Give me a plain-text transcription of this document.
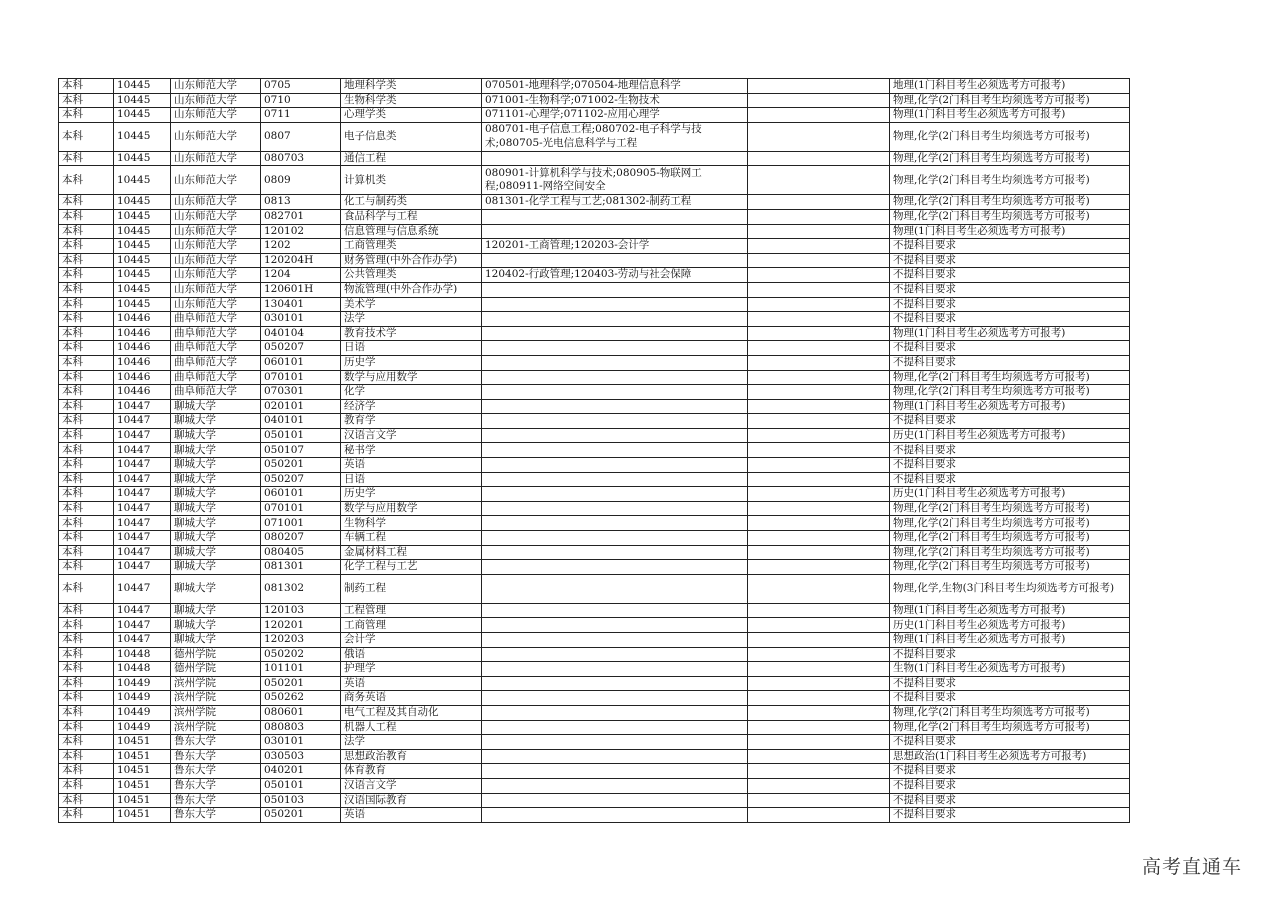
本科	10445	山东师范大学	0705	地理科学类	070501-地理科学;070504-地理信息科学		地理(1门科目考生必须选考方可报考)
本科	10445	山东师范大学	0710	生物科学类	071001-生物科学;071002-生物技术		物理,化学(2门科目考生均须选考方可报考)
本科	10445	山东师范大学	0711	心理学类	071101-心理学;071102-应用心理学		物理(1门科目考生必须选考方可报考)
本科	10445	山东师范大学	0807	电子信息类	080701-电子信息工程;080702-电子科学与技术;080705-光电信息科学与工程		物理,化学(2门科目考生均须选考方可报考)
本科	10445	山东师范大学	080703	通信工程			物理,化学(2门科目考生均须选考方可报考)
本科	10445	山东师范大学	0809	计算机类	080901-计算机科学与技术;080905-物联网工程;080911-网络空间安全		物理,化学(2门科目考生均须选考方可报考)
本科	10445	山东师范大学	0813	化工与制药类	081301-化学工程与工艺;081302-制药工程		物理,化学(2门科目考生均须选考方可报考)
本科	10445	山东师范大学	082701	食品科学与工程			物理,化学(2门科目考生均须选考方可报考)
本科	10445	山东师范大学	120102	信息管理与信息系统			物理(1门科目考生必须选考方可报考)
本科	10445	山东师范大学	1202	工商管理类	120201-工商管理;120203-会计学		不提科目要求
本科	10445	山东师范大学	120204H	财务管理(中外合作办学)			不提科目要求
本科	10445	山东师范大学	1204	公共管理类	120402-行政管理;120403-劳动与社会保障		不提科目要求
本科	10445	山东师范大学	120601H	物流管理(中外合作办学)			不提科目要求
本科	10445	山东师范大学	130401	美术学			不提科目要求
本科	10446	曲阜师范大学	030101	法学			不提科目要求
本科	10446	曲阜师范大学	040104	教育技术学			物理(1门科目考生必须选考方可报考)
本科	10446	曲阜师范大学	050207	日语			不提科目要求
本科	10446	曲阜师范大学	060101	历史学			不提科目要求
本科	10446	曲阜师范大学	070101	数学与应用数学			物理,化学(2门科目考生均须选考方可报考)
本科	10446	曲阜师范大学	070301	化学			物理,化学(2门科目考生均须选考方可报考)
本科	10447	聊城大学	020101	经济学			物理(1门科目考生必须选考方可报考)
本科	10447	聊城大学	040101	教育学			不提科目要求
本科	10447	聊城大学	050101	汉语言文学			历史(1门科目考生必须选考方可报考)
本科	10447	聊城大学	050107	秘书学			不提科目要求
本科	10447	聊城大学	050201	英语			不提科目要求
本科	10447	聊城大学	050207	日语			不提科目要求
本科	10447	聊城大学	060101	历史学			历史(1门科目考生必须选考方可报考)
本科	10447	聊城大学	070101	数学与应用数学			物理,化学(2门科目考生均须选考方可报考)
本科	10447	聊城大学	071001	生物科学			物理,化学(2门科目考生均须选考方可报考)
本科	10447	聊城大学	080207	车辆工程			物理,化学(2门科目考生均须选考方可报考)
本科	10447	聊城大学	080405	金属材料工程			物理,化学(2门科目考生均须选考方可报考)
本科	10447	聊城大学	081301	化学工程与工艺			物理,化学(2门科目考生均须选考方可报考)
本科	10447	聊城大学	081302	制药工程			物理,化学,生物(3门科目考生均须选考方可报考)
本科	10447	聊城大学	120103	工程管理			物理(1门科目考生必须选考方可报考)
本科	10447	聊城大学	120201	工商管理			历史(1门科目考生必须选考方可报考)
本科	10447	聊城大学	120203	会计学			物理(1门科目考生必须选考方可报考)
本科	10448	德州学院	050202	俄语			不提科目要求
本科	10448	德州学院	101101	护理学			生物(1门科目考生必须选考方可报考)
本科	10449	滨州学院	050201	英语			不提科目要求
本科	10449	滨州学院	050262	商务英语			不提科目要求
本科	10449	滨州学院	080601	电气工程及其自动化			物理,化学(2门科目考生均须选考方可报考)
本科	10449	滨州学院	080803	机器人工程			物理,化学(2门科目考生均须选考方可报考)
本科	10451	鲁东大学	030101	法学			不提科目要求
本科	10451	鲁东大学	030503	思想政治教育			思想政治(1门科目考生必须选考方可报考)
本科	10451	鲁东大学	040201	体育教育			不提科目要求
本科	10451	鲁东大学	050101	汉语言文学			不提科目要求
本科	10451	鲁东大学	050103	汉语国际教育			不提科目要求
本科	10451	鲁东大学	050201	英语			不提科目要求
高考直通车
